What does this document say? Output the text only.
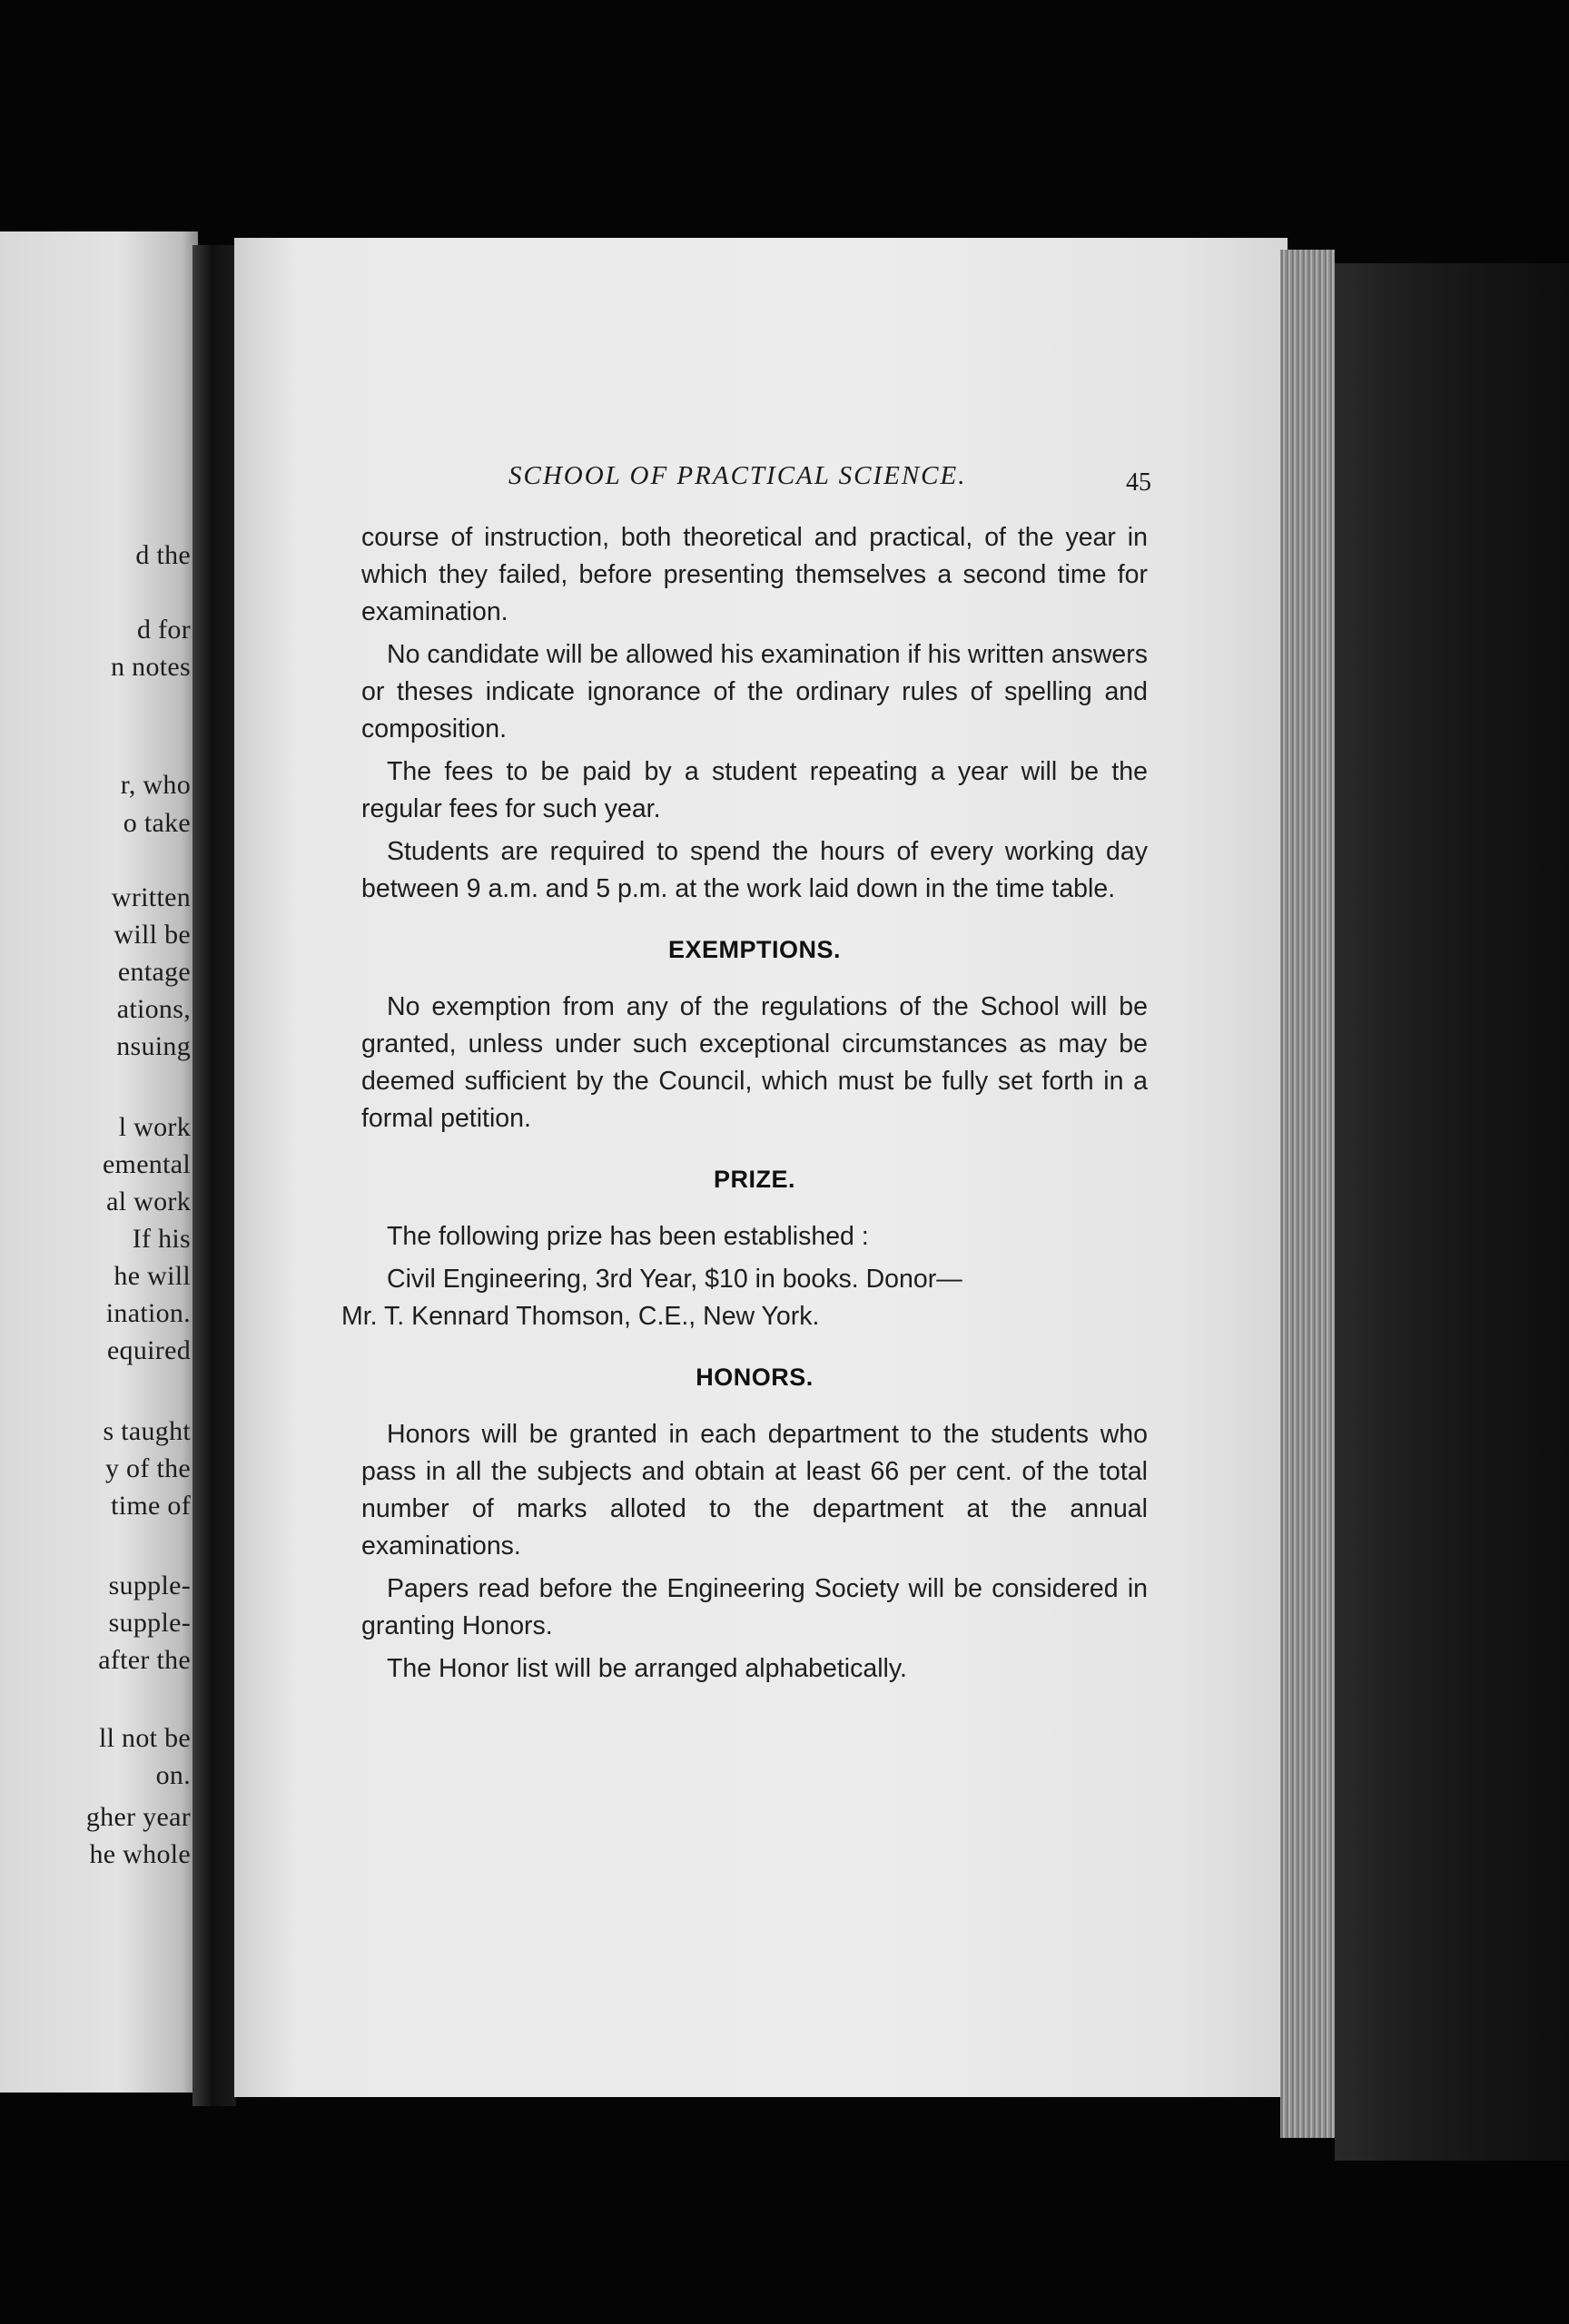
d the
d for
n notes
r, who
o take
written
will be
entage
ations,
nsuing
l work
emental
al work
If his
he will
ination.
equired
s taught
y of the
time of
supple-
supple-
after the
ll not be
on.
gher year
he whole
SCHOOL OF PRACTICAL SCIENCE.	45

course of instruction, both theoretical and practical, of the year in which they failed, before presenting themselves a second time for examination.

No candidate will be allowed his examination if his written answers or theses indicate ignorance of the ordinary rules of spelling and composition.

The fees to be paid by a student repeating a year will be the regular fees for such year.

Students are required to spend the hours of every working day between 9 a.m. and 5 p.m. at the work laid down in the time table.

EXEMPTIONS.

No exemption from any of the regulations of the School will be granted, unless under such exceptional circumstances as may be deemed sufficient by the Council, which must be fully set forth in a formal petition.

PRIZE.

The following prize has been established :

Civil Engineering, 3rd Year, $10 in books. Donor—

Mr. T. Kennard Thomson, C.E., New York.

HONORS.

Honors will be granted in each department to the students who pass in all the subjects and obtain at least 66 per cent. of the total number of marks alloted to the department at the annual examinations.

Papers read before the Engineering Society will be considered in granting Honors.

The Honor list will be arranged alphabetically.
